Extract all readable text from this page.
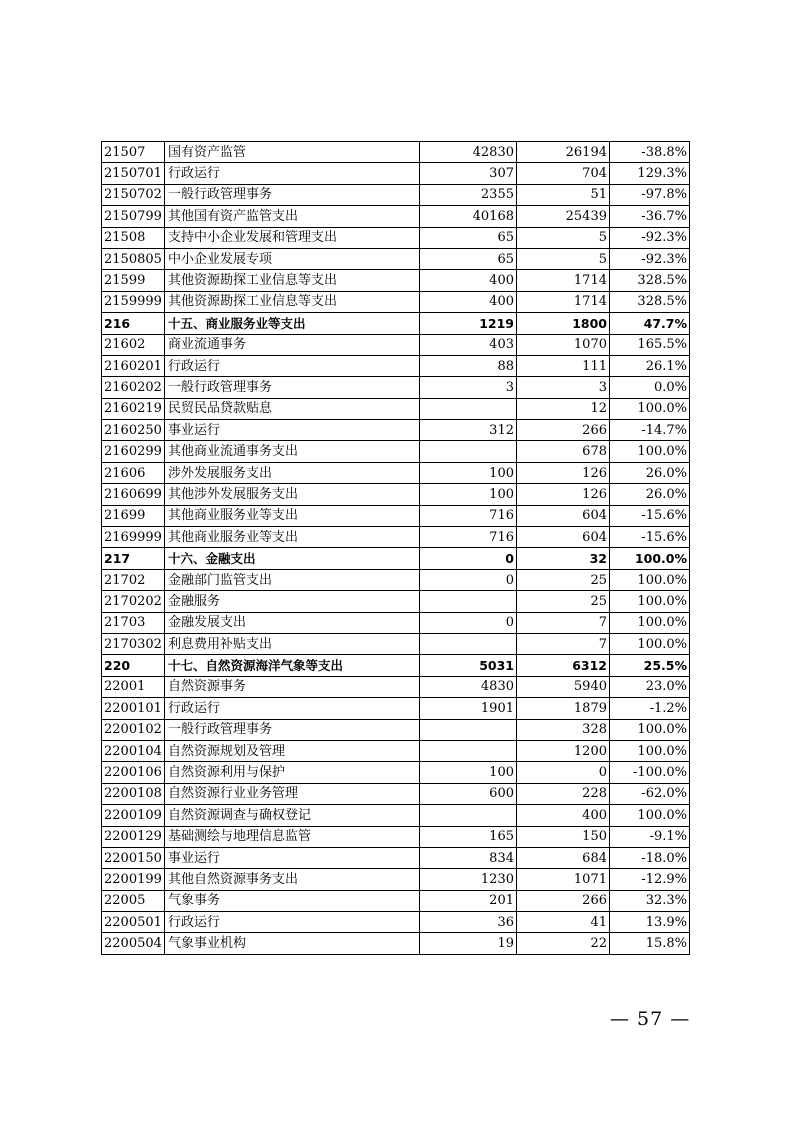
21507	国有资产监管	42830	26194	-38.8%
2150701	行政运行	307	704	129.3%
2150702	一般行政管理事务	2355	51	-97.8%
2150799	其他国有资产监管支出	40168	25439	-36.7%
21508	支持中小企业发展和管理支出	65	5	-92.3%
2150805	中小企业发展专项	65	5	-92.3%
21599	其他资源勘探工业信息等支出	400	1714	328.5%
2159999	其他资源勘探工业信息等支出	400	1714	328.5%
216	十五、商业服务业等支出	1219	1800	47.7%
21602	商业流通事务	403	1070	165.5%
2160201	行政运行	88	111	26.1%
2160202	一般行政管理事务	3	3	0.0%
2160219	民贸民品贷款贴息		12	100.0%
2160250	事业运行	312	266	-14.7%
2160299	其他商业流通事务支出		678	100.0%
21606	涉外发展服务支出	100	126	26.0%
2160699	其他涉外发展服务支出	100	126	26.0%
21699	其他商业服务业等支出	716	604	-15.6%
2169999	其他商业服务业等支出	716	604	-15.6%
217	十六、金融支出	0	32	100.0%
21702	金融部门监管支出	0	25	100.0%
2170202	金融服务		25	100.0%
21703	金融发展支出	0	7	100.0%
2170302	利息费用补贴支出		7	100.0%
220	十七、自然资源海洋气象等支出	5031	6312	25.5%
22001	自然资源事务	4830	5940	23.0%
2200101	行政运行	1901	1879	-1.2%
2200102	一般行政管理事务		328	100.0%
2200104	自然资源规划及管理		1200	100.0%
2200106	自然资源利用与保护	100	0	-100.0%
2200108	自然资源行业业务管理	600	228	-62.0%
2200109	自然资源调查与确权登记		400	100.0%
2200129	基础测绘与地理信息监管	165	150	-9.1%
2200150	事业运行	834	684	-18.0%
2200199	其他自然资源事务支出	1230	1071	-12.9%
22005	气象事务	201	266	32.3%
2200501	行政运行	36	41	13.9%
2200504	气象事业机构	19	22	15.8%
— 57 —
